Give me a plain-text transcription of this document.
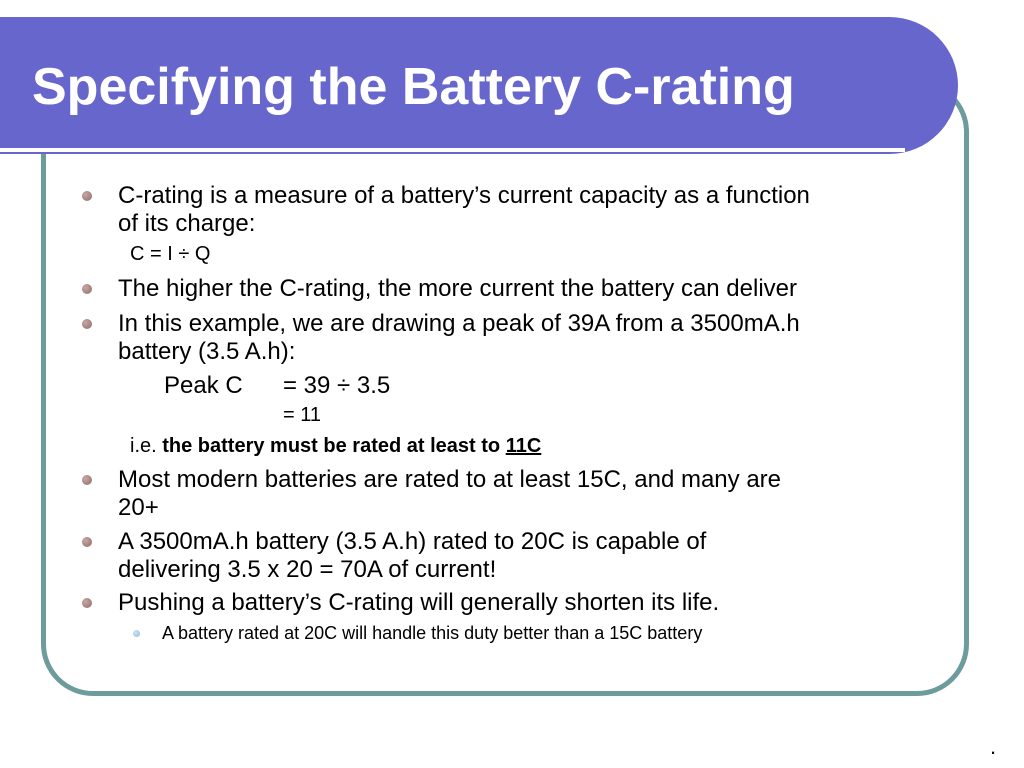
Specifying the Battery C-rating
C-rating is a measure of a battery’s current capacity as a function
of its charge:
C = I ÷ Q
The higher the C-rating, the more current the battery can deliver
In this example, we are drawing a peak of 39A from a 3500mA.h
battery (3.5 A.h):
Peak C = 39 ÷ 3.5
= 11
i.e. the battery must be rated at least to 11C
Most modern batteries are rated to at least 15C, and many are
20+
A 3500mA.h battery (3.5 A.h) rated to 20C is capable of
delivering 3.5 x 20 = 70A of current!
Pushing a battery’s C-rating will generally shorten its life.
A battery rated at 20C will handle this duty better than a 15C battery
.
